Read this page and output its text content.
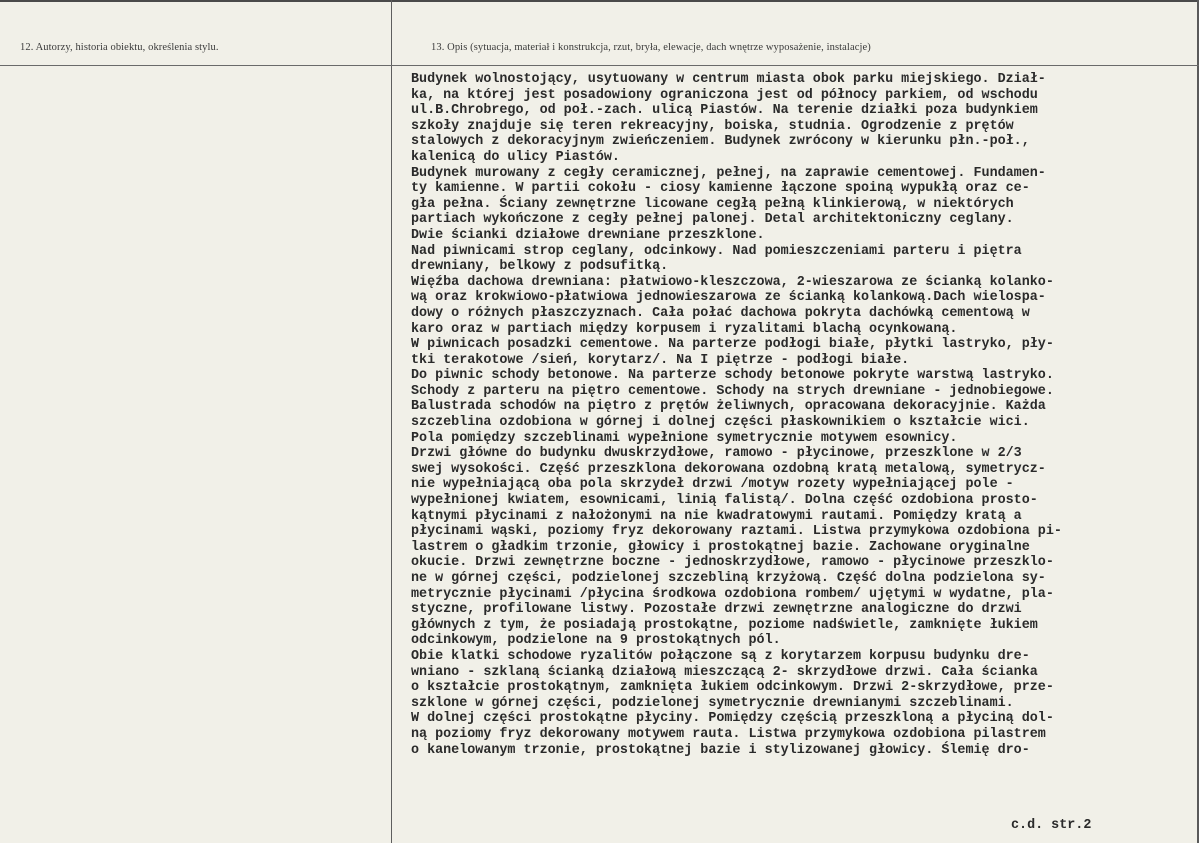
12. Autorzy, historia obiektu, określenia stylu.	13. Opis (sytuacja, materiał i konstrukcja, rzut, bryła, elewacje, dach wnętrze wyposażenie, instalacje)
Budynek wolnostojący, usytuowany w centrum miasta obok parku miejskiego. Dział-
ka, na której jest posadowiony ograniczona jest od północy parkiem, od wschodu
ul.B.Chrobrego, od poł.-zach. ulicą Piastów. Na terenie działki poza budynkiem
szkoły znajduje się teren rekreacyjny, boiska, studnia. Ogrodzenie z prętów
stalowych z dekoracyjnym zwieńczeniem. Budynek zwrócony w kierunku płn.-poł.,
kalenicą do ulicy Piastów.
Budynek murowany z cegły ceramicznej, pełnej, na zaprawie cementowej. Fundamen-
ty kamienne. W partii cokołu - ciosy kamienne łączone spoiną wypukłą oraz ce-
gła pełna. Ściany zewnętrzne licowane cegłą pełną klinkierową, w niektórych
partiach wykończone z cegły pełnej palonej. Detal architektoniczny ceglany.
Dwie ścianki działowe drewniane przeszklone.
Nad piwnicami strop ceglany, odcinkowy. Nad pomieszczeniami parteru i piętra
drewniany, belkowy z podsufitką.
Więźba dachowa drewniana: płatwiowo-kleszczowa, 2-wieszarowa ze ścianką kolanko-
wą oraz krokwiowo-płatwiowa jednowieszarowa ze ścianką kolankową.Dach wielospa-
dowy o różnych płaszczyznach. Cała połać dachowa pokryta dachówką cementową w
karo oraz w partiach między korpusem i ryzalitami blachą ocynkowaną.
W piwnicach posadzki cementowe. Na parterze podłogi białe, płytki lastryko, pły-
tki terakotowe /sień, korytarz/. Na I piętrze - podłogi białe.
Do piwnic schody betonowe. Na parterze schody betonowe pokryte warstwą lastryko.
Schody z parteru na piętro cementowe. Schody na strych drewniane - jednobiegowe.
Balustrada schodów na piętro z prętów żeliwnych, opracowana dekoracyjnie. Każda
szczeblina ozdobiona w górnej i dolnej części płaskownikiem o kształcie wici.
Pola pomiędzy szczeblinami wypełnione symetrycznie motywem esownicy.
Drzwi główne do budynku dwuskrzydłowe, ramowo - płycinowe, przeszklone w 2/3
swej wysokości. Część przeszklona dekorowana ozdobną kratą metalową, symetrycz-
nie wypełniającą oba pola skrzydeł drzwi /motyw rozety wypełniającej pole -
wypełnionej kwiatem, esownicami, linią falistą/. Dolna część ozdobiona prosto-
kątnymi płycinami z nałożonymi na nie kwadratowymi rautami. Pomiędzy kratą a
płycinami wąski, poziomy fryz dekorowany raztami. Listwa przymykowa ozdobiona pi-
lastrem o gładkim trzonie, głowicy i prostokątnej bazie. Zachowane oryginalne
okucie. Drzwi zewnętrzne boczne - jednoskrzydłowe, ramowo - płycinowe przeszklo-
ne w górnej części, podzielonej szczebliną krzyżową. Część dolna podzielona sy-
metrycznie płycinami /płycina środkowa ozdobiona rombem/ ujętymi w wydatne, pla-
styczne, profilowane listwy. Pozostałe drzwi zewnętrzne analogiczne do drzwi
głównych z tym, że posiadają prostokątne, poziome nadświetle, zamknięte łukiem
odcinkowym, podzielone na 9 prostokątnych pól.
Obie klatki schodowe ryzalitów połączone są z korytarzem korpusu budynku dre-
wniano - szklaną ścianką działową mieszczącą 2- skrzydłowe drzwi. Cała ścianka
o kształcie prostokątnym, zamknięta łukiem odcinkowym. Drzwi 2-skrzydłowe, prze-
szklone w górnej części, podzielonej symetrycznie drewnianymi szczeblinami.
W dolnej części prostokątne płyciny. Pomiędzy częścią przeszkloną a płyciną dol-
ną poziomy fryz dekorowany motywem rauta. Listwa przymykowa ozdobiona pilastrem
o kanelowanym trzonie, prostokątnej bazie i stylizowanej głowicy. Ślemię dro-
c.d. str.2
